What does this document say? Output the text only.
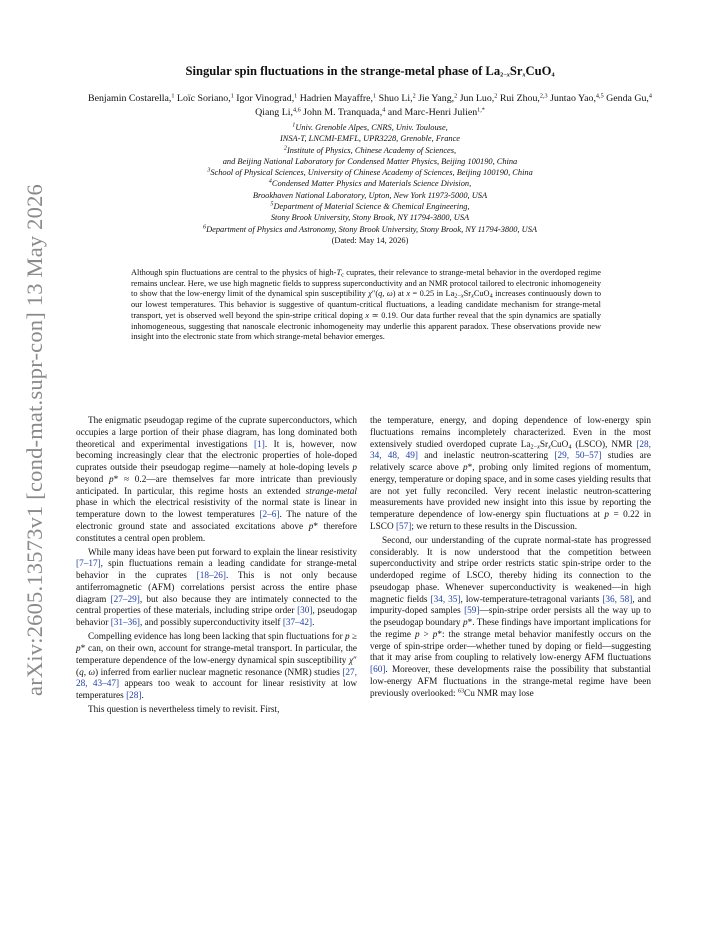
arXiv:2605.13573v1 [cond-mat.supr-con] 13 May 2026
Singular spin fluctuations in the strange-metal phase of $La_{2-x}Sr_xCuO_4$
Benjamin Costarella,$^1$ Loïc Soriano,$^1$ Igor Vinograd,$^1$ Hadrien Mayaffre,$^1$ Shuo Li,$^2$ Jie Yang,$^2$ Jun Luo,$^2$ Rui Zhou,$^{2,3}$ Juntao Yao,$^{4,5}$ Genda Gu,$^4$ Qiang Li,$^{4,6}$ John M. Tranquada,$^4$ and Marc-Henri Julien$^{1,*}$
$^1$Univ. Grenoble Alpes, CNRS, Univ. Toulouse,
INSA-T, LNCMI-EMFL, UPR3228, Grenoble, France
$^2$Institute of Physics, Chinese Academy of Sciences,
and Beijing National Laboratory for Condensed Matter Physics, Beijing 100190, China
$^3$School of Physical Sciences, University of Chinese Academy of Sciences, Beijing 100190, China
$^4$Condensed Matter Physics and Materials Science Division,
Brookhaven National Laboratory, Upton, New York 11973-5000, USA
$^5$Department of Material Science & Chemical Engineering,
Stony Brook University, Stony Brook, NY 11794-3800, USA
$^6$Department of Physics and Astronomy, Stony Brook University, Stony Brook, NY 11794-3800, USA
(Dated: May 14, 2026)
Although spin fluctuations are central to the physics of high-$T_c$ cuprates, their relevance to strange-metal behavior in the overdoped regime remains unclear. Here, we use high magnetic fields to suppress superconductivity and an NMR protocol tailored to electronic inhomogeneity to show that the low-energy limit of the dynamical spin susceptibility χ″(q, ω) at x = 0.25 in $La_{2-x}Sr_xCuO_4$ increases continuously down to our lowest temperatures. This behavior is suggestive of quantum-critical fluctuations, a leading candidate mechanism for strange-metal transport, yet is observed well beyond the spin-stripe critical doping x ≃ 0.19. Our data further reveal that the spin dynamics are spatially inhomogeneous, suggesting that nanoscale electronic inhomogeneity may underlie this apparent paradox. These observations provide new insight into the electronic state from which strange-metal behavior emerges.

The enigmatic pseudogap regime of the cuprate superconductors, which occupies a large portion of their phase diagram, has long dominated both theoretical and experimental investigations [1]. It is, however, now becoming increasingly clear that the electronic properties of hole-doped cuprates outside their pseudogap regime—namely at hole-doping levels p beyond p* ≈ 0.2—are themselves far more intricate than previously anticipated. In particular, this regime hosts an extended strange-metal phase in which the electrical resistivity of the normal state is linear in temperature down to the lowest temperatures [2–6]. The nature of the electronic ground state and associated excitations above p* therefore constitutes a central open problem.

While many ideas have been put forward to explain the linear resistivity [7–17], spin fluctuations remain a leading candidate for strange-metal behavior in the cuprates [18–26]. This is not only because antiferromagnetic (AFM) correlations persist across the entire phase diagram [27–29], but also because they are intimately connected to the central properties of these materials, including stripe order [30], pseudogap behavior [31–36], and possibly superconductivity itself [37–42].

Compelling evidence has long been lacking that spin fluctuations for p ≥ p* can, on their own, account for strange-metal transport. In particular, the temperature dependence of the low-energy dynamical spin susceptibility χ″(q, ω) inferred from earlier nuclear magnetic resonance (NMR) studies [27, 28, 43–47] appears too weak to account for linear resistivity at low temperatures [28].

This question is nevertheless timely to revisit. First,

the temperature, energy, and doping dependence of low-energy spin fluctuations remains incompletely characterized. Even in the most extensively studied overdoped cuprate $La_{2-x}Sr_xCuO_4$ (LSCO), NMR [28, 34, 48, 49] and inelastic neutron-scattering [29, 50–57] studies are relatively scarce above p*, probing only limited regions of momentum, energy, temperature or doping space, and in some cases yielding results that are not yet fully reconciled. Very recent inelastic neutron-scattering measurements have provided new insight into this issue by reporting the temperature dependence of low-energy spin fluctuations at p = 0.22 in LSCO [57]; we return to these results in the Discussion.

Second, our understanding of the cuprate normal-state has progressed considerably. It is now understood that the competition between superconductivity and stripe order restricts static spin-stripe order to the underdoped regime of LSCO, thereby hiding its connection to the pseudogap phase. Whenever superconductivity is weakened—in high magnetic fields [34, 35], low-temperature-tetragonal variants [36, 58], and impurity-doped samples [59]—spin-stripe order persists all the way up to the pseudogap boundary p*. These findings have important implications for the regime p > p*: the strange metal behavior manifestly occurs on the verge of spin-stripe order—whether tuned by doping or field—suggesting that it may arise from coupling to relatively low-energy AFM fluctuations [60]. Moreover, these developments raise the possibility that substantial low-energy AFM fluctuations in the strange-metal regime have been previously overlooked: $^{63}$Cu NMR may lose
